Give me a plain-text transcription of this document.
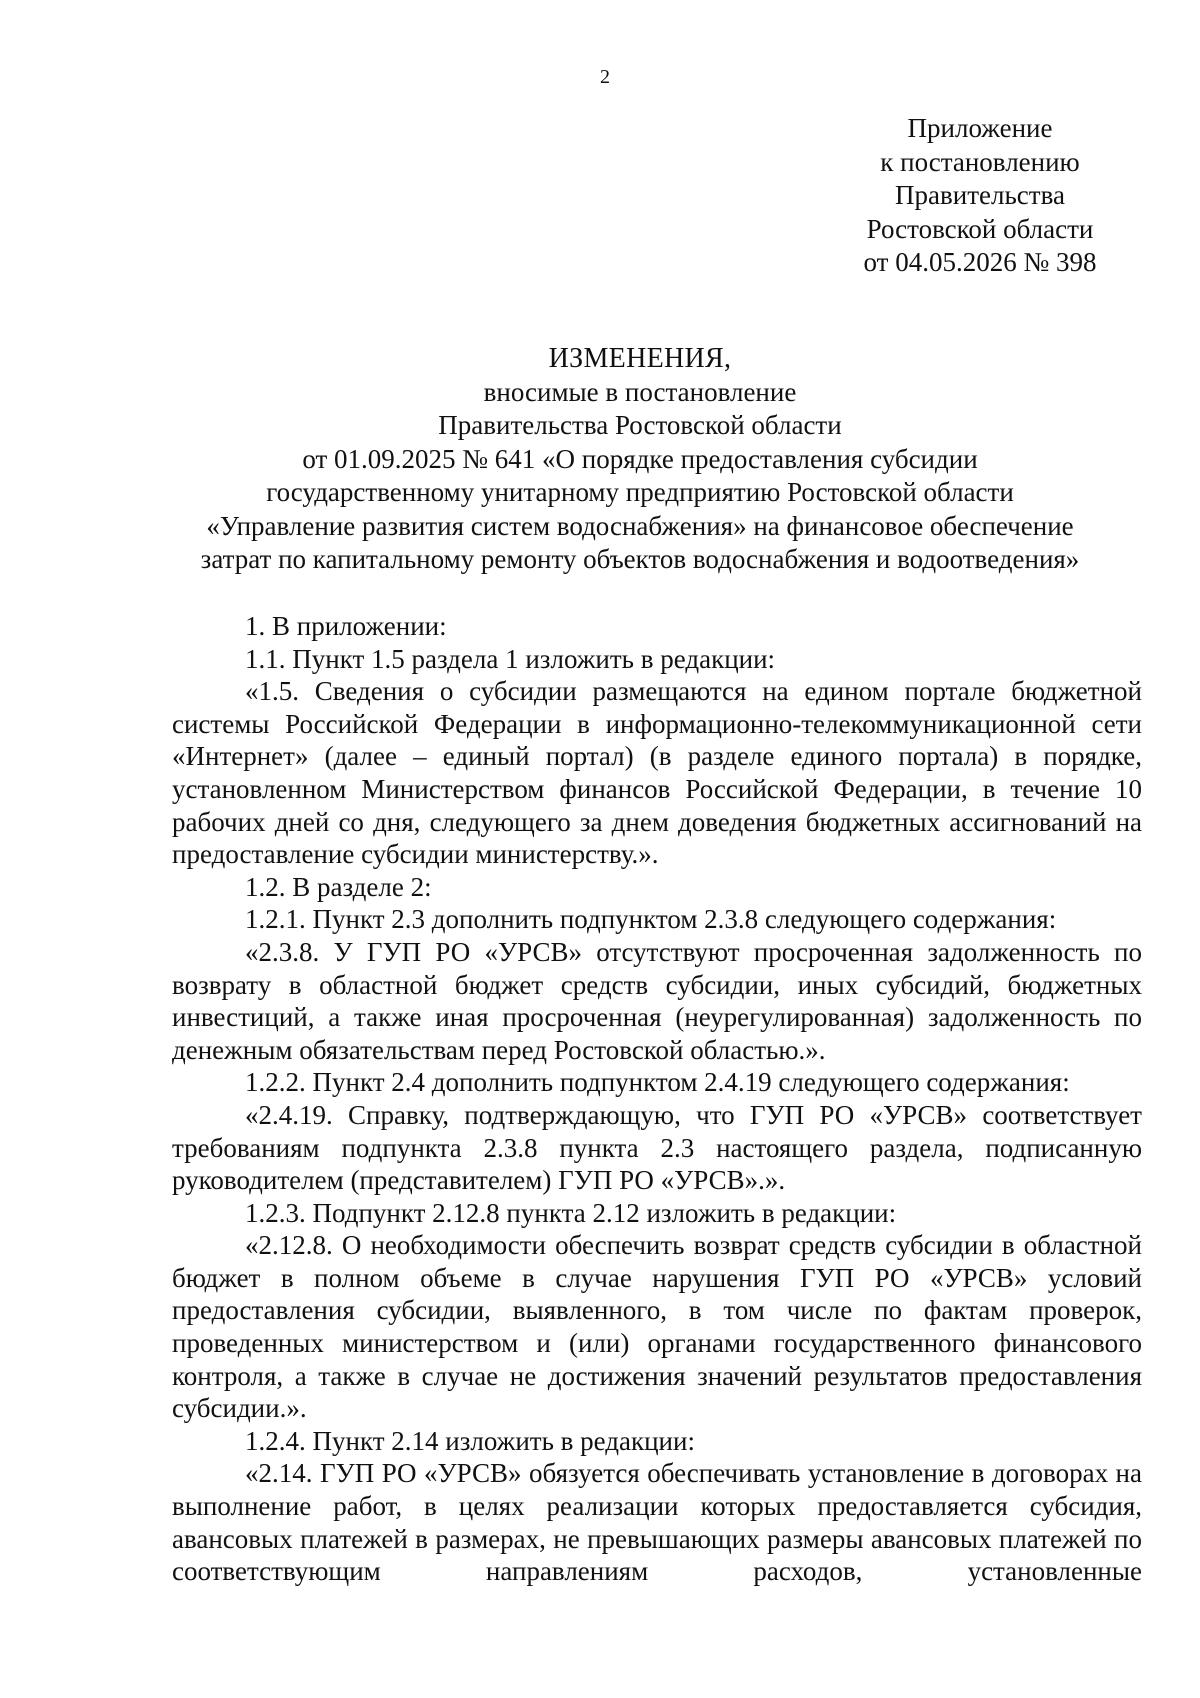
2
Приложение
к постановлению
Правительства
Ростовской области
от 04.05.2026 № 398
ИЗМЕНЕНИЯ,
вносимые в постановление
Правительства Ростовской области
от 01.09.2025 № 641 «О порядке предоставления субсидии
государственному унитарному предприятию Ростовской области
«Управление развития систем водоснабжения» на финансовое обеспечение
затрат по капитальному ремонту объектов водоснабжения и водоотведения»

1. В приложении:

1.1. Пункт 1.5 раздела 1 изложить в редакции:

«1.5. Сведения о субсидии размещаются на едином портале бюджетной системы Российской Федерации в информационно-телекоммуникационной сети «Интернет» (далее – единый портал) (в разделе единого портала) в порядке, установленном Министерством финансов Российской Федерации, в течение 10 рабочих дней со дня, следующего за днем доведения бюджетных ассигнований на предоставление субсидии министерству.».

1.2. В разделе 2:

1.2.1. Пункт 2.3 дополнить подпунктом 2.3.8 следующего содержания:

«2.3.8. У ГУП РО «УРСВ» отсутствуют просроченная задолженность по возврату в областной бюджет средств субсидии, иных субсидий, бюджетных инвестиций, а также иная просроченная (неурегулированная) задолженность по денежным обязательствам перед Ростовской областью.».

1.2.2. Пункт 2.4 дополнить подпунктом 2.4.19 следующего содержания:

«2.4.19. Справку, подтверждающую, что ГУП РО «УРСВ» соответствует требованиям подпункта 2.3.8 пункта 2.3 настоящего раздела, подписанную руководителем (представителем) ГУП РО «УРСВ».».

1.2.3. Подпункт 2.12.8 пункта 2.12 изложить в редакции:

«2.12.8. О необходимости обеспечить возврат средств субсидии в областной бюджет в полном объеме в случае нарушения ГУП РО «УРСВ» условий предоставления субсидии, выявленного, в том числе по фактам проверок, проведенных министерством и (или) органами государственного финансового контроля, а также в случае не достижения значений результатов предоставления субсидии.».

1.2.4. Пункт 2.14 изложить в редакции:

«2.14. ГУП РО «УРСВ» обязуется обеспечивать установление в договорах на выполнение работ, в целях реализации которых предоставляется субсидия, авансовых платежей в размерах, не превышающих размеры авансовых платежей по соответствующим направлениям расходов, установленные
